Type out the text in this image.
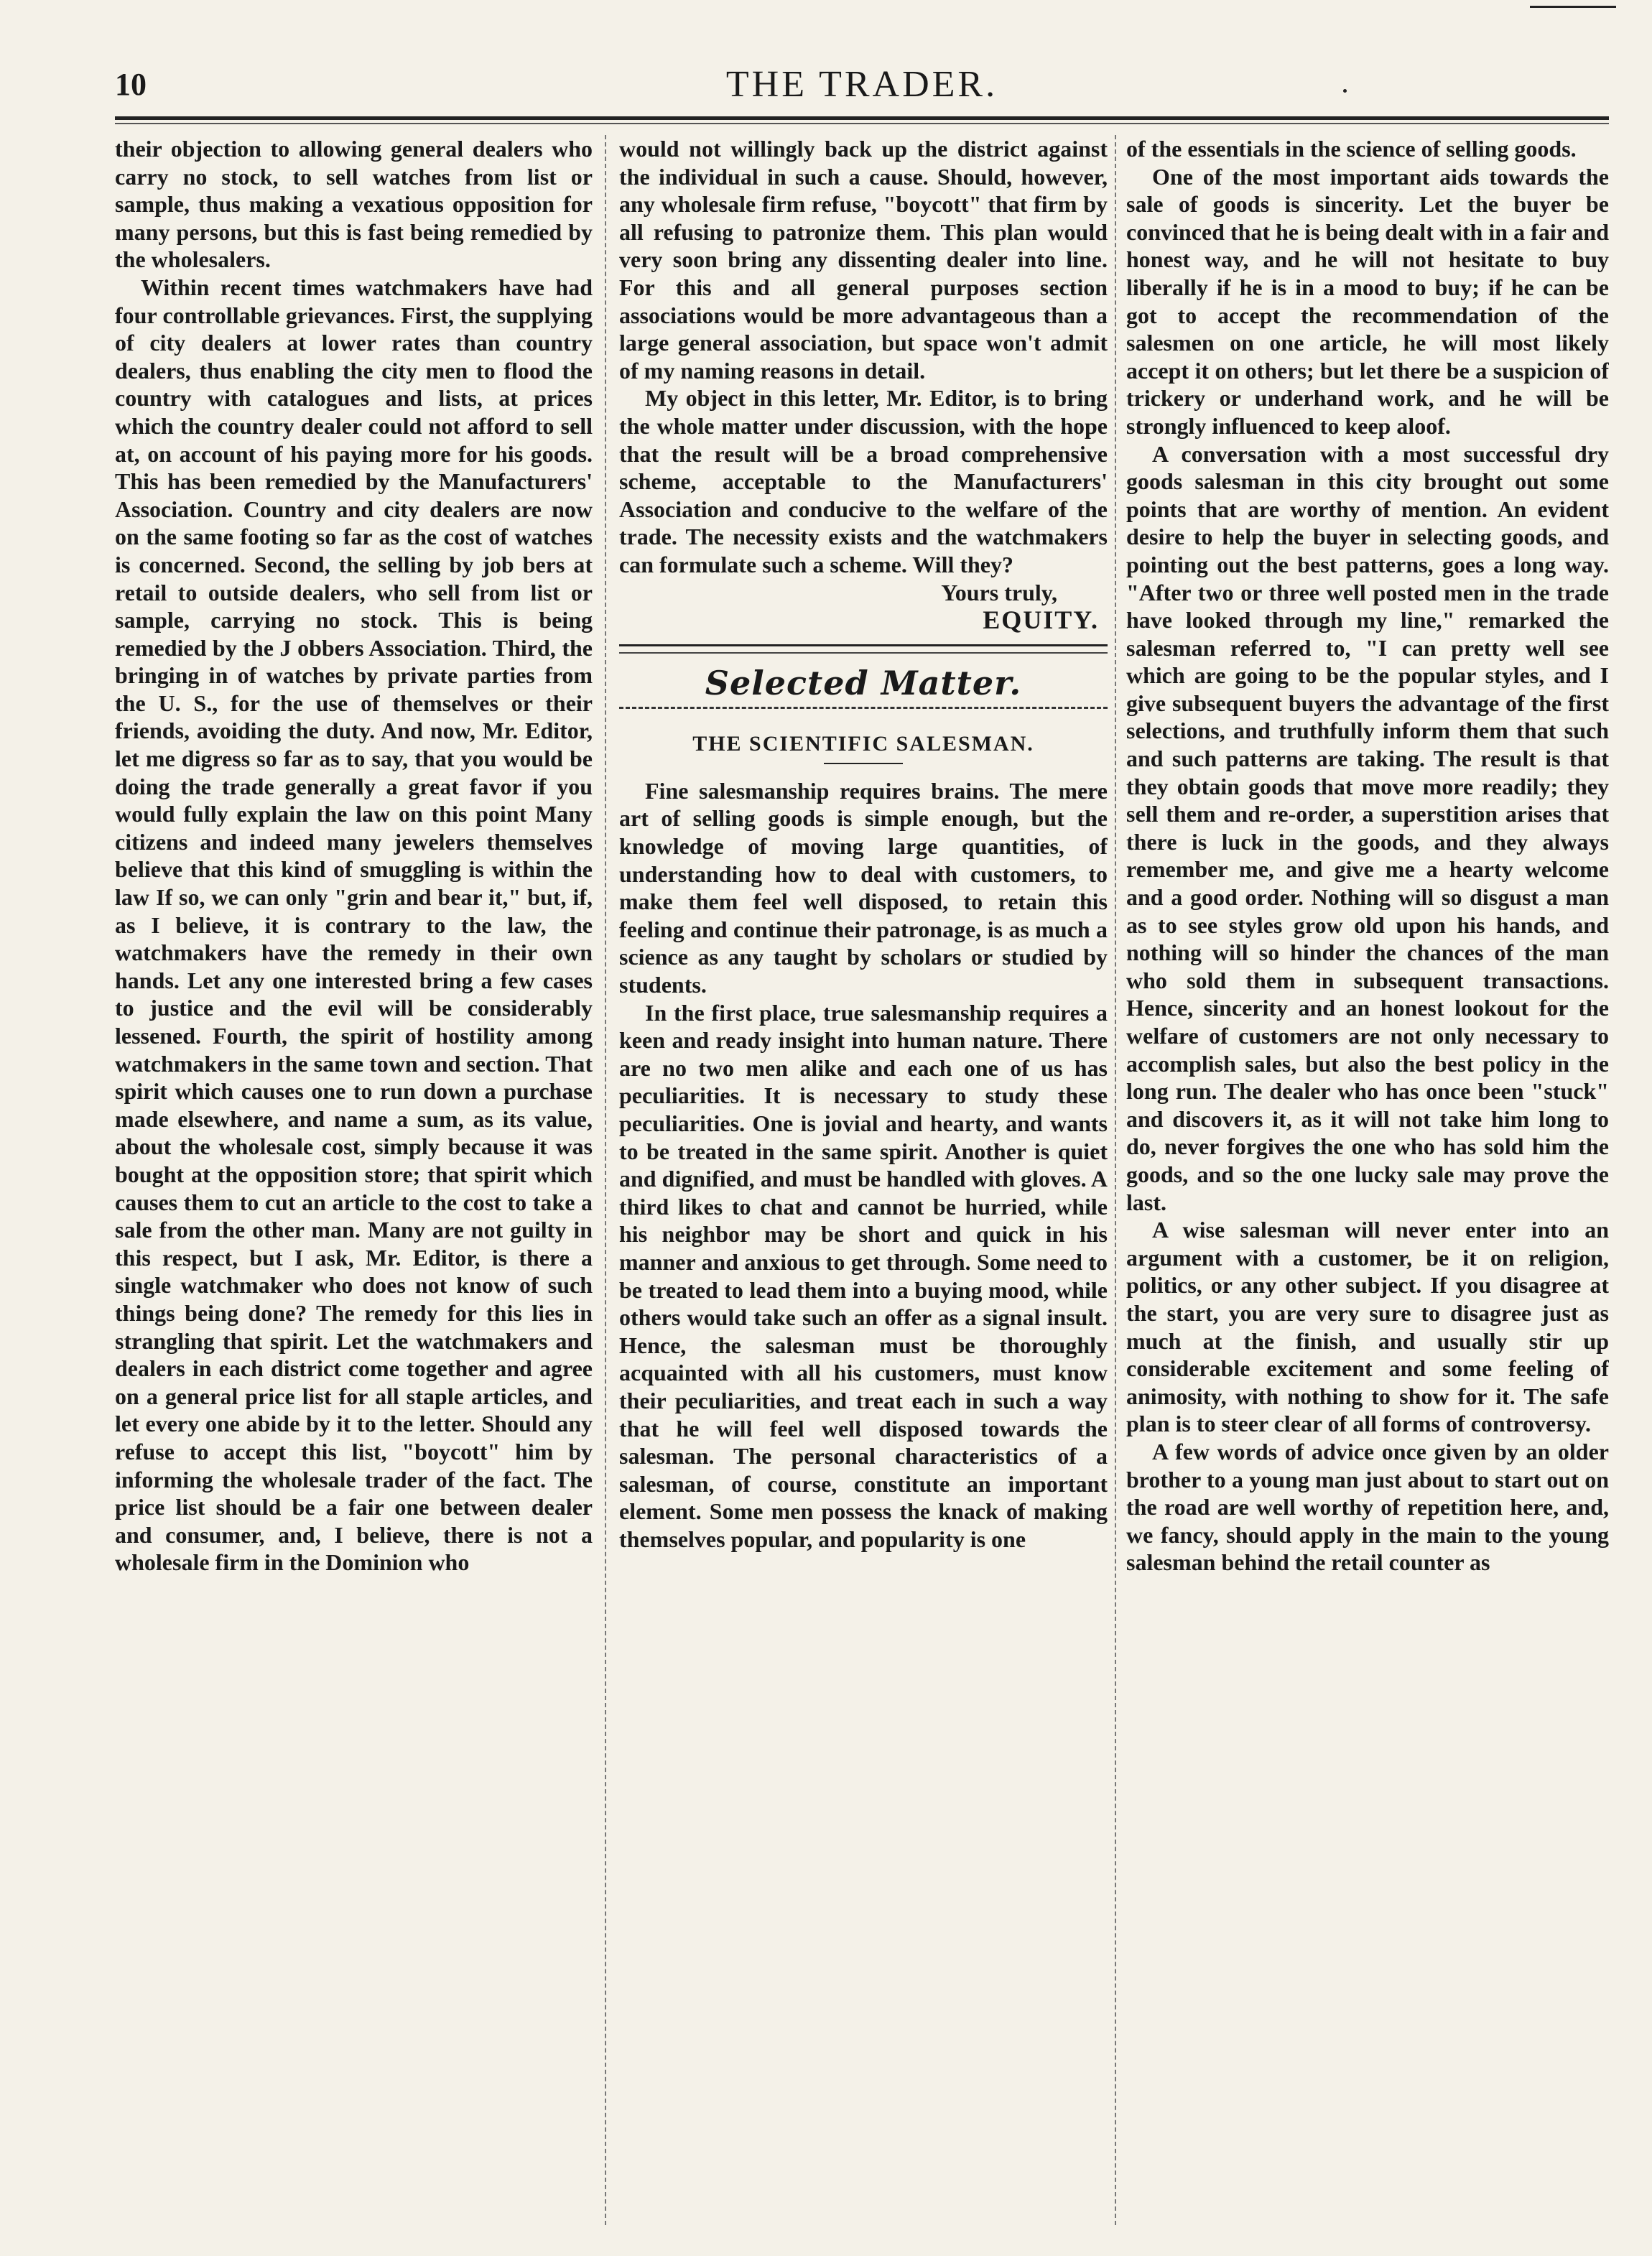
10	THE TRADER.

their objection to allowing general dealers who carry no stock, to sell watches from list or sample, thus making a vexatious opposition for many persons, but this is fast being remedied by the wholesalers.

Within recent times watchmakers have had four controllable grievances. First, the supplying of city dealers at lower rates than country dealers, thus enabling the city men to flood the country with catalogues and lists, at prices which the country dealer could not afford to sell at, on account of his paying more for his goods. This has been remedied by the Manufacturers' Association. Country and city dealers are now on the same footing so far as the cost of watches is concerned. Second, the selling by job bers at retail to outside dealers, who sell from list or sample, carrying no stock. This is being remedied by the J obbers Association. Third, the bringing in of watches by private parties from the U. S., for the use of themselves or their friends, avoiding the duty. And now, Mr. Editor, let me digress so far as to say, that you would be doing the trade generally a great favor if you would fully explain the law on this point Many citizens and indeed many jewelers themselves believe that this kind of smuggling is within the law If so, we can only "grin and bear it," but, if, as I believe, it is contrary to the law, the watchmakers have the remedy in their own hands. Let any one interested bring a few cases to justice and the evil will be considerably lessened. Fourth, the spirit of hostility among watchmakers in the same town and section. That spirit which causes one to run down a purchase made elsewhere, and name a sum, as its value, about the wholesale cost, simply because it was bought at the opposition store; that spirit which causes them to cut an article to the cost to take a sale from the other man. Many are not guilty in this respect, but I ask, Mr. Editor, is there a single watchmaker who does not know of such things being done? The remedy for this lies in strangling that spirit. Let the watchmakers and dealers in each district come together and agree on a general price list for all staple articles, and let every one abide by it to the letter. Should any refuse to accept this list, "boycott" him by informing the wholesale trader of the fact. The price list should be a fair one between dealer and consumer, and, I believe, there is not a wholesale firm in the Dominion who

would not willingly back up the district against the individual in such a cause. Should, however, any wholesale firm refuse, "boycott" that firm by all refusing to patronize them. This plan would very soon bring any dissenting dealer into line. For this and all general purposes section associations would be more advantageous than a large general association, but space won't admit of my naming reasons in detail.

My object in this letter, Mr. Editor, is to bring the whole matter under discussion, with the hope that the result will be a broad comprehensive scheme, acceptable to the Manufacturers' Association and conducive to the welfare of the trade. The necessity exists and the watchmakers can formulate such a scheme. Will they?

Yours truly,

EQUITY.

Selected Matter.
THE SCIENTIFIC SALESMAN.

Fine salesmanship requires brains. The mere art of selling goods is simple enough, but the knowledge of moving large quantities, of understanding how to deal with customers, to make them feel well disposed, to retain this feeling and continue their patronage, is as much a science as any taught by scholars or studied by students.

In the first place, true salesmanship requires a keen and ready insight into human nature. There are no two men alike and each one of us has peculiarities. It is necessary to study these peculiarities. One is jovial and hearty, and wants to be treated in the same spirit. Another is quiet and dignified, and must be handled with gloves. A third likes to chat and cannot be hurried, while his neighbor may be short and quick in his manner and anxious to get through. Some need to be treated to lead them into a buying mood, while others would take such an offer as a signal insult. Hence, the salesman must be thoroughly acquainted with all his customers, must know their peculiarities, and treat each in such a way that he will feel well disposed towards the salesman. The personal characteristics of a salesman, of course, constitute an important element. Some men possess the knack of making themselves popular, and popularity is one

of the essentials in the science of selling goods.

One of the most important aids towards the sale of goods is sincerity. Let the buyer be convinced that he is being dealt with in a fair and honest way, and he will not hesitate to buy liberally if he is in a mood to buy; if he can be got to accept the recommendation of the salesmen on one article, he will most likely accept it on others; but let there be a suspicion of trickery or underhand work, and he will be strongly influenced to keep aloof.

A conversation with a most successful dry goods salesman in this city brought out some points that are worthy of mention. An evident desire to help the buyer in selecting goods, and pointing out the best patterns, goes a long way. "After two or three well posted men in the trade have looked through my line," remarked the salesman referred to, "I can pretty well see which are going to be the popular styles, and I give subsequent buyers the advantage of the first selections, and truthfully inform them that such and such patterns are taking. The result is that they obtain goods that move more readily; they sell them and re-order, a superstition arises that there is luck in the goods, and they always remember me, and give me a hearty welcome and a good order. Nothing will so disgust a man as to see styles grow old upon his hands, and nothing will so hinder the chances of the man who sold them in subsequent transactions. Hence, sincerity and an honest lookout for the welfare of customers are not only necessary to accomplish sales, but also the best policy in the long run. The dealer who has once been "stuck" and discovers it, as it will not take him long to do, never forgives the one who has sold him the goods, and so the one lucky sale may prove the last.

A wise salesman will never enter into an argument with a customer, be it on religion, politics, or any other subject. If you disagree at the start, you are very sure to disagree just as much at the finish, and usually stir up considerable excitement and some feeling of animosity, with nothing to show for it. The safe plan is to steer clear of all forms of controversy.

A few words of advice once given by an older brother to a young man just about to start out on the road are well worthy of repetition here, and, we fancy, should apply in the main to the young salesman behind the retail counter as
